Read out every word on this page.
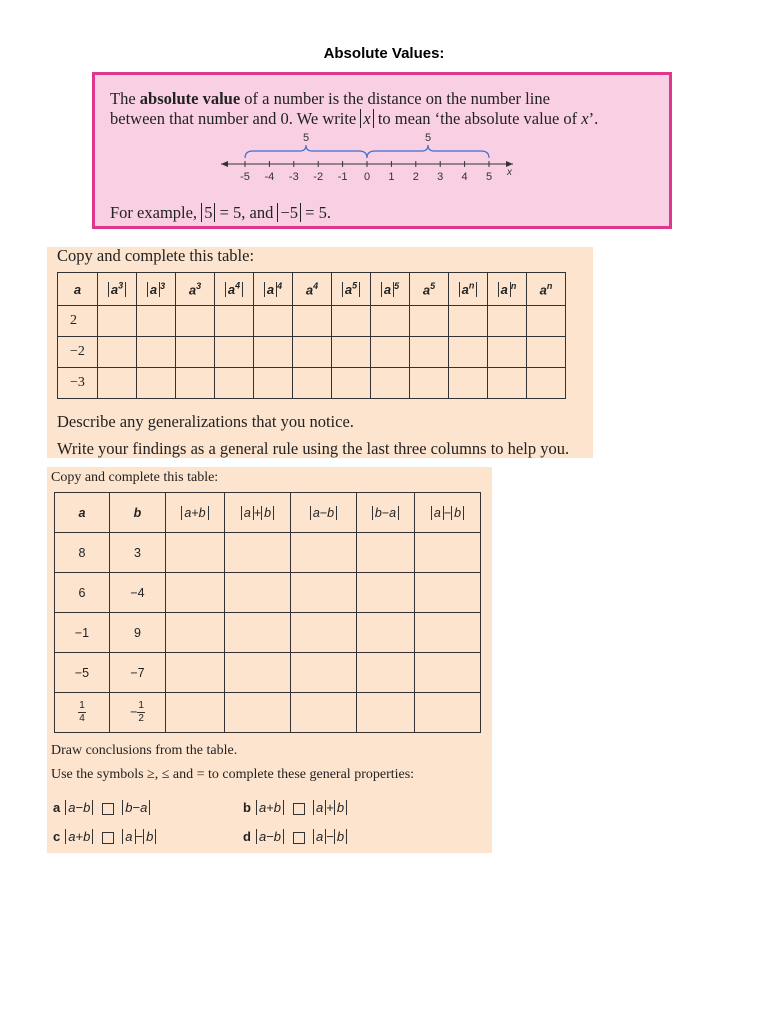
Absolute Values:
The absolute value of a number is the distance on the number line
between that number and 0. We write x to mean ‘the absolute value of x’.
5	5
-5 -4 -3 -2 -1 0 1 2 3 4 5 x
For example, 5 = 5, and −5 = 5.
Copy and complete this table:
a	$a^3$	a $^3$	$a^3$	$a^4$	a $^4$	$a^4$	$a^5$	a $^5$	$a^5$	$a^n$	a $^n$	$a^n$
2												
−2												
−3												
Describe any generalizations that you notice.
Write your findings as a general rule using the last three columns to help you.
Copy and complete this table:
a	b	a+b	a + b	a−b	b−a	a − b
8	3					
6	−4					
−1	9					
−5	−7					

$\frac{1}{4}$	− $\frac{1}{2}$

Draw conclusions from the table.
Use the symbols ≥, ≤ and = to complete these general properties:
a a−b	b−a	b a+b	a + b
c a+b	a − b	d a−b	a − b
